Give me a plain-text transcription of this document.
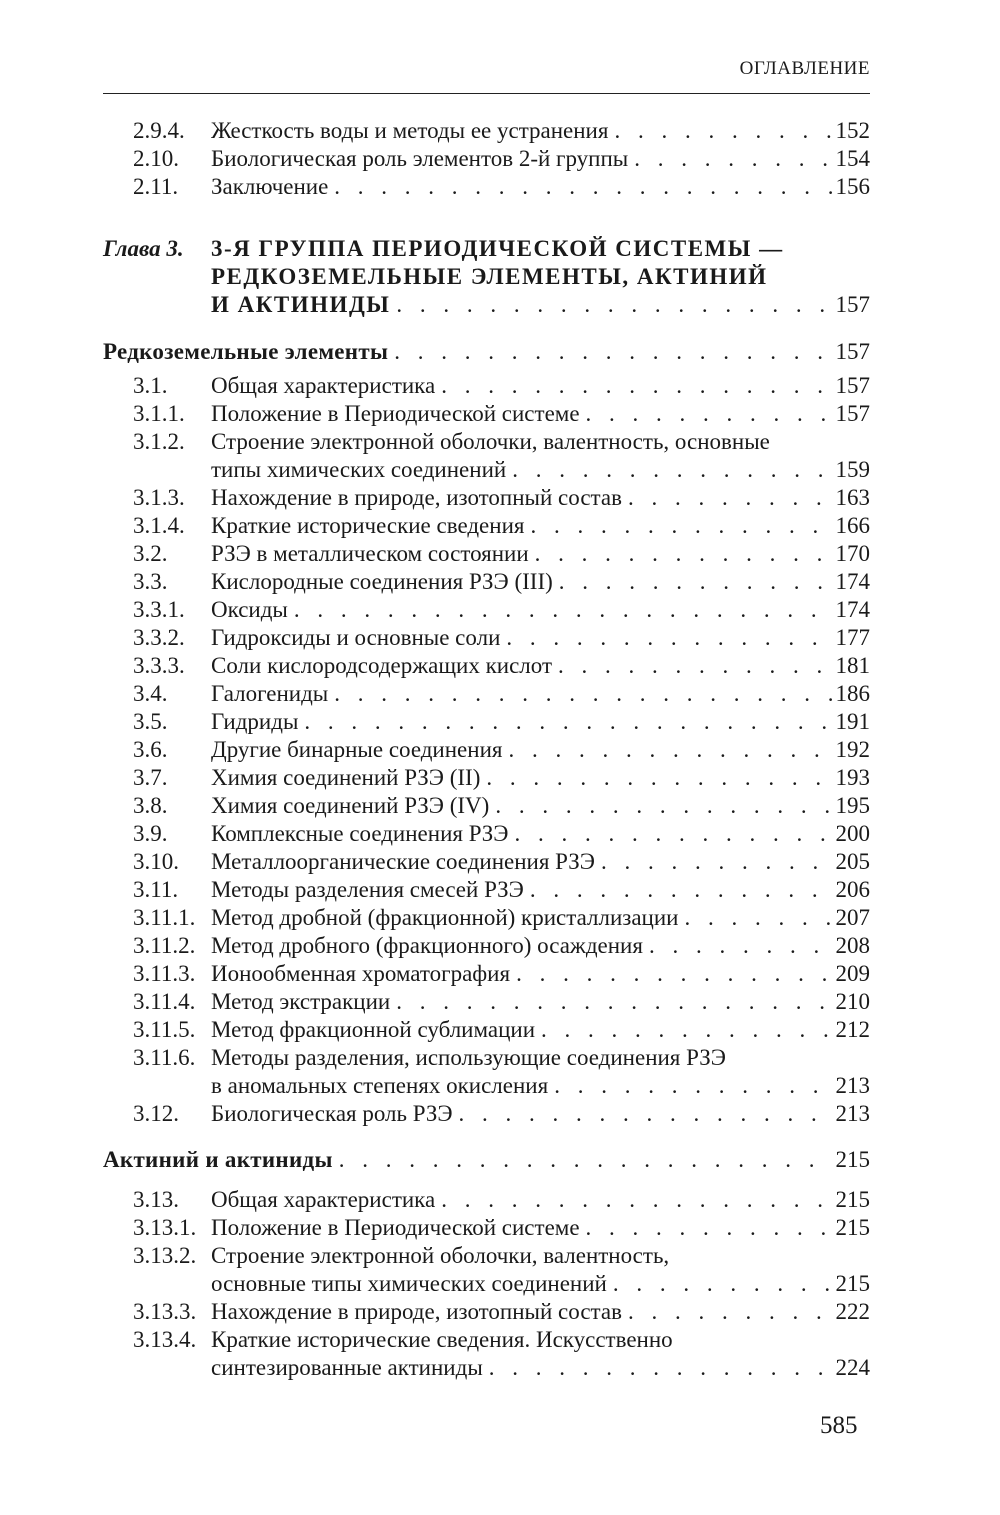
ОГЛАВЛЕНИЕ
2.9.4. Жесткость воды и методы ее устранения . . .	152
2.10. Биологическая роль элементов 2-й группы . . .	154
2.11. Заключение . . .	156
Глава 3. 3-Я ГРУППА ПЕРИОДИЧЕСКОЙ СИСТЕМЫ —
РЕДКОЗЕМЕЛЬНЫЕ ЭЛЕМЕНТЫ, АКТИНИЙ
И АКТИНИДЫ . . .	157
Редкоземельные элементы . . .	157
3.1. Общая характеристика . . .	157
3.1.1. Положение в Периодической системе . . .	157
3.1.2. Строение электронной оболочки, валентность, основные
типы химических соединений . . .	159
3.1.3. Нахождение в природе, изотопный состав . . .	163
3.1.4. Краткие исторические сведения . . .	166
3.2. РЗЭ в металлическом состоянии . . .	170
3.3. Кислородные соединения РЗЭ (III) . . .	174
3.3.1. Оксиды . . .	174
3.3.2. Гидроксиды и основные соли . . .	177
3.3.3. Соли кислородсодержащих кислот . . .	181
3.4. Галогениды . . .	186
3.5. Гидриды . . .	191
3.6. Другие бинарные соединения . . .	192
3.7. Химия соединений РЗЭ (II) . . .	193
3.8. Химия соединений РЗЭ (IV) . . .	195
3.9. Комплексные соединения РЗЭ . . .	200
3.10. Металлоорганические соединения РЗЭ . . .	205
3.11. Методы разделения смесей РЗЭ . . .	206
3.11.1. Метод дробной (фракционной) кристаллизации . . .	207
3.11.2. Метод дробного (фракционного) осаждения . . .	208
3.11.3. Ионообменная хроматография . . .	209
3.11.4. Метод экстракции . . .	210
3.11.5. Метод фракционной сублимации . . .	212
3.11.6. Методы разделения, использующие соединения РЗЭ
в аномальных степенях окисления . . .	213
3.12. Биологическая роль РЗЭ . . .	213
Актиний и актиниды . . .	215
3.13. Общая характеристика . . .	215
3.13.1. Положение в Периодической системе . . .	215
3.13.2. Строение электронной оболочки, валентность,
основные типы химических соединений . . .	215
3.13.3. Нахождение в природе, изотопный состав . . .	222
3.13.4. Краткие исторические сведения. Искусственно
синтезированные актиниды . . .	224
585
